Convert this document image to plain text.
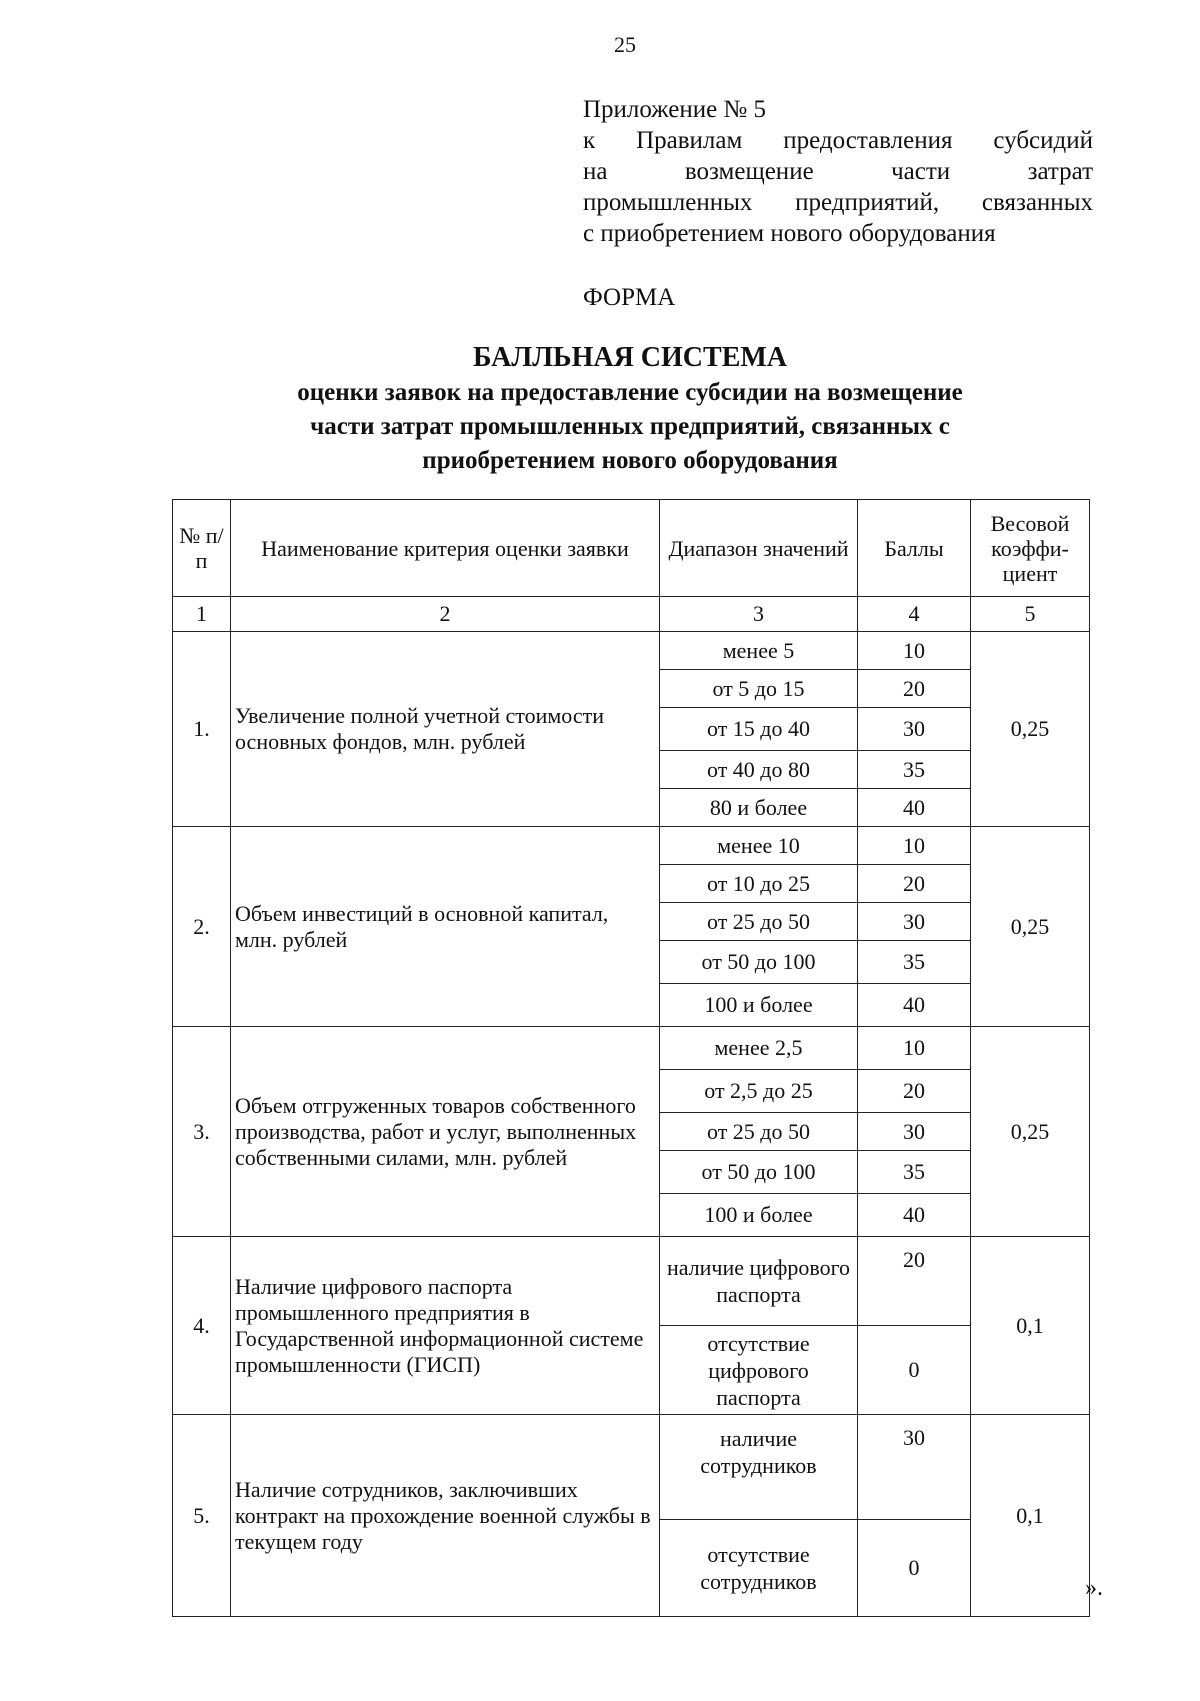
25
Приложение № 5
к Правилам предоставления субсидий
на возмещение части затрат
промышленных предприятий, связанных
с приобретением нового оборудования
ФОРМА
БАЛЛЬНАЯ СИСТЕМА
оценки заявок на предоставление субсидии на возмещение
части затрат промышленных предприятий, связанных с
приобретением нового оборудования
№ п/п	Наименование критерия оценки заявки	Диапазон значений	Баллы	Весовой коэффи- циент
1	2	3	4	5
1.	Увеличение полной учетной стоимости основных фондов, млн. рублей	менее 5	10	0,25
		от 5 до 15	20	
		от 15 до 40	30	
		от 40 до 80	35	
		80 и более	40	
2.	Объем инвестиций в основной капитал, млн. рублей	менее 10	10	0,25
		от 10 до 25	20	
		от 25 до 50	30	
		от 50 до 100	35	
		100 и более	40	
3.	Объем отгруженных товаров собственного производства, работ и услуг, выполненных собственными силами, млн. рублей	менее 2,5	10	0,25
		от 2,5 до 25	20	
		от 25 до 50	30	
		от 50 до 100	35	
		100 и более	40	
4.	Наличие цифрового паспорта промышленного предприятия в Государственной информационной системе промышленности (ГИСП)	наличие цифрового паспорта	20	0,1
		отсутствие цифрового паспорта	0	
5.	Наличие сотрудников, заключивших контракт на прохождение военной службы в текущем году	наличие сотрудников	30	0,1
		отсутствие сотрудников	0	
».
